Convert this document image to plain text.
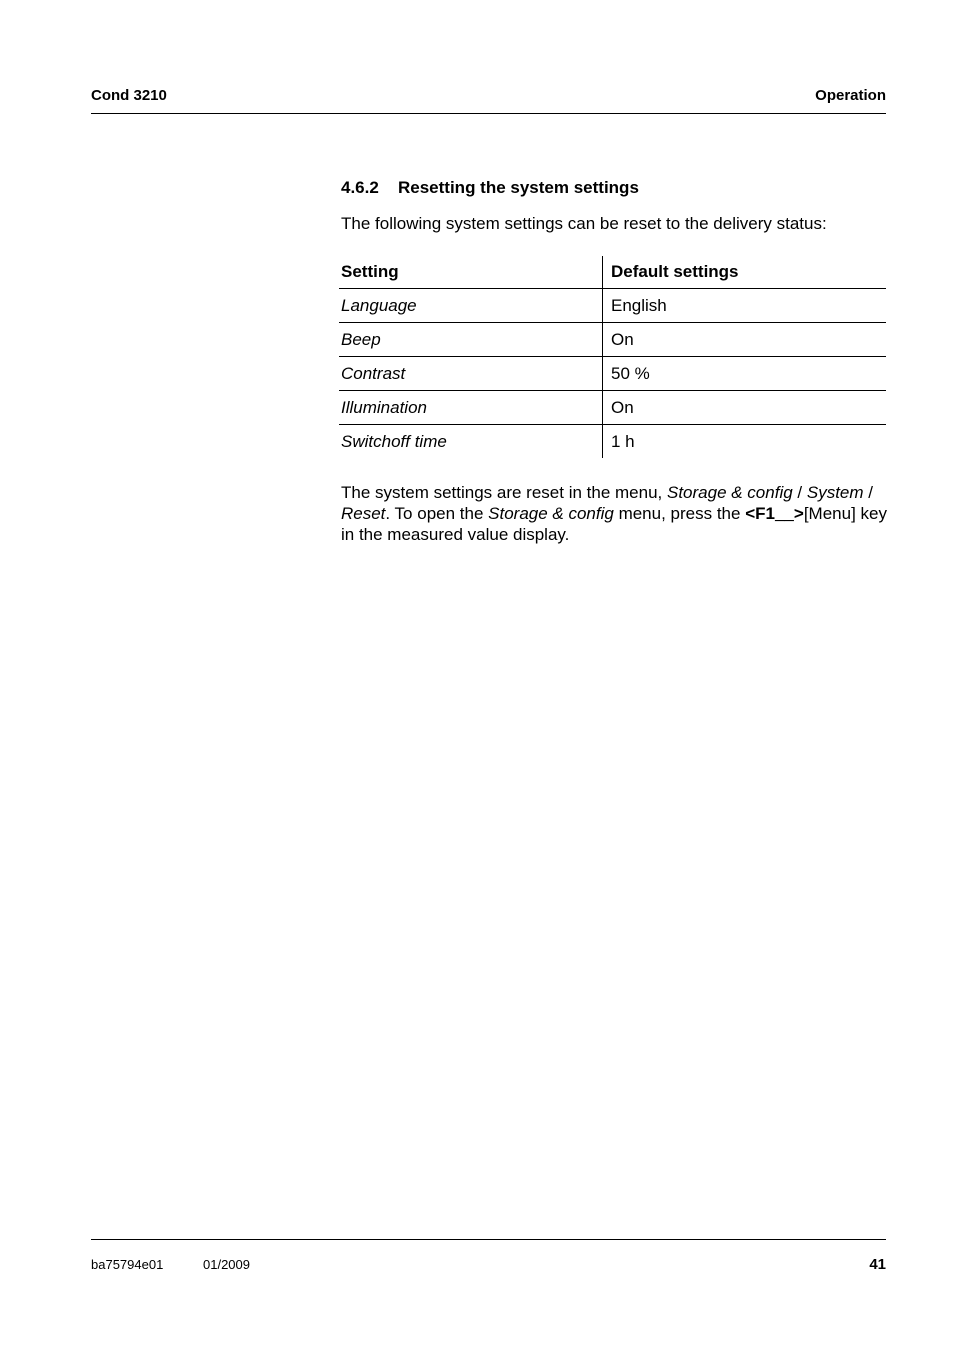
Cond 3210	Operation
4.6.2 Resetting the system settings
The following system settings can be reset to the delivery status:
Setting	Default settings
Language	English
Beep	On
Contrast	50 %
Illumination	On
Switchoff time	1 h
The system settings are reset in the menu, Storage & config / System / Reset. To open the Storage & config menu, press the <F1__>[Menu] key in the measured value display.
ba75794e01	01/2009	41
